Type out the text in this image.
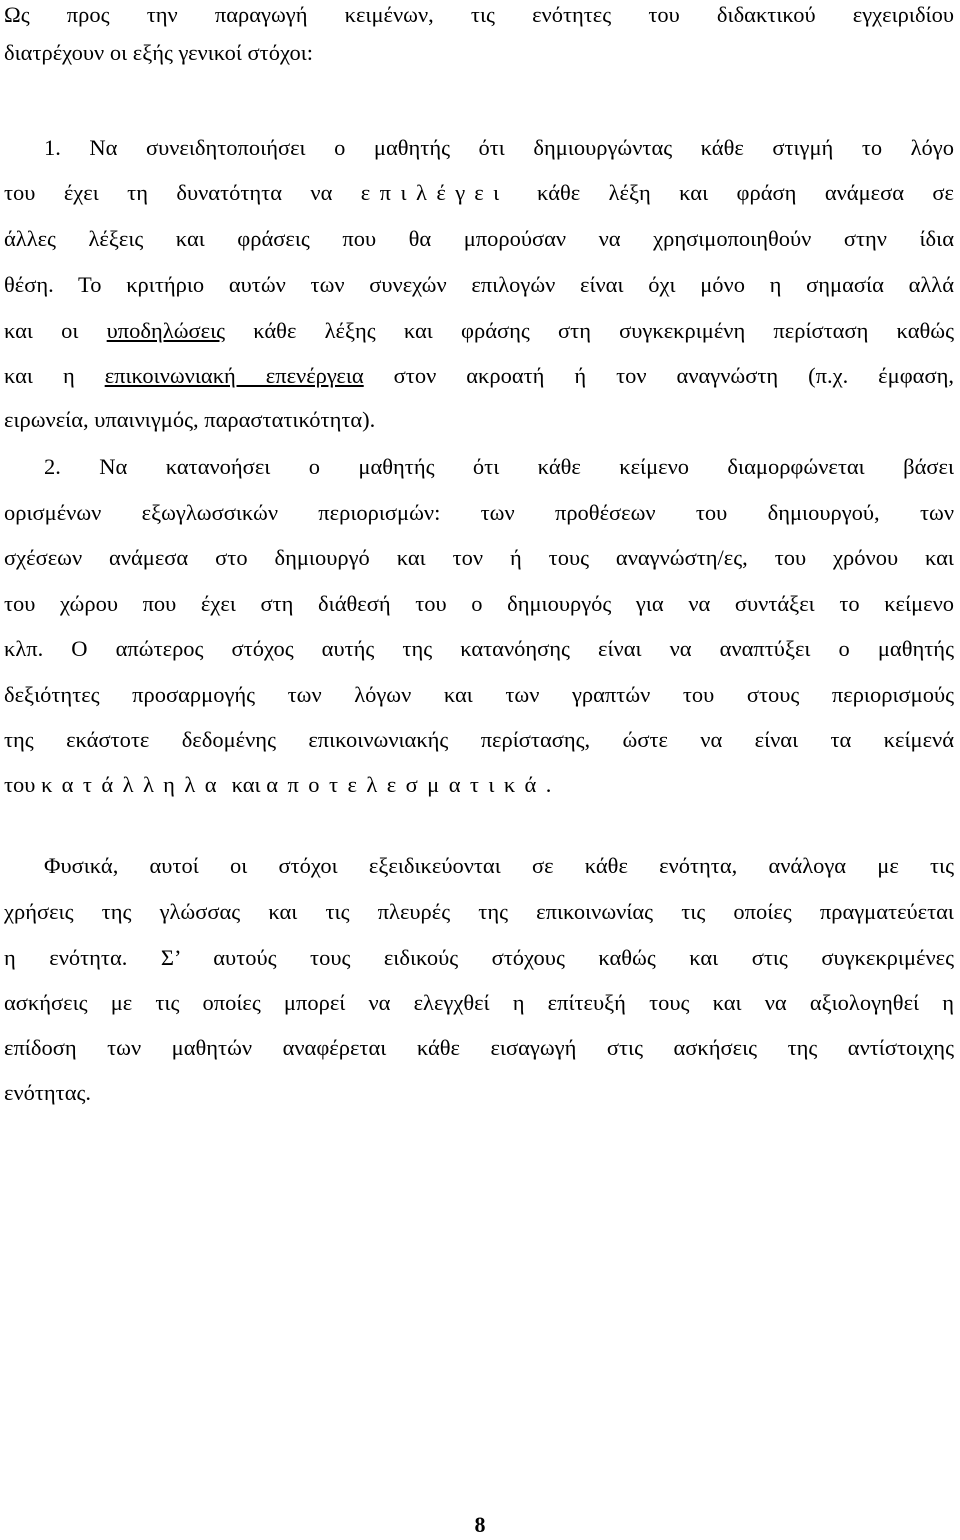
Ως προς την παραγωγή κειμένων, τις ενότητες του διδακτικού εγχειριδίου
διατρέχουν οι εξής γενικοί στόχοι:
1. Να συνειδητοποιήσει ο μαθητής ότι δημιουργώντας κάθε στιγμή το λόγο
του έχει τη δυνατότητα να επιλέγει κάθε λέξη και φράση ανάμεσα σε
άλλες λέξεις και φράσεις που θα μπορούσαν να χρησιμοποιηθούν στην ίδια
θέση. Το κριτήριο αυτών των συνεχών επιλογών είναι όχι μόνο η σημασία αλλά
και οι υποδηλώσεις κάθε λέξης και φράσης στη συγκεκριμένη περίσταση καθώς
και η επικοινωνιακή επενέργεια στον ακροατή ή τον αναγνώστη (π.χ. έμφαση,
ειρωνεία, υπαινιγμός, παραστατικότητα).
2. Να κατανοήσει ο μαθητής ότι κάθε κείμενο διαμορφώνεται βάσει
ορισμένων εξωγλωσσικών περιορισμών: των προθέσεων του δημιουργού, των
σχέσεων ανάμεσα στο δημιουργό και τον ή τους αναγνώστη/ες, του χρόνου και
του χώρου που έχει στη διάθεσή του ο δημιουργός για να συντάξει το κείμενο
κλπ. Ο απώτερος στόχος αυτής της κατανόησης είναι να αναπτύξει ο μαθητής
δεξιότητες προσαρμογής των λόγων και των γραπτών του στους περιορισμούς
της εκάστοτε δεδομένης επικοινωνιακής περίστασης, ώστε να είναι τα κείμενά
του κατάλληλα και αποτελεσματικά.
Φυσικά, αυτοί οι στόχοι εξειδικεύονται σε κάθε ενότητα, ανάλογα με τις
χρήσεις της γλώσσας και τις πλευρές της επικοινωνίας τις οποίες πραγματεύεται
η ενότητα. Σ’ αυτούς τους ειδικούς στόχους καθώς και στις συγκεκριμένες
ασκήσεις με τις οποίες μπορεί να ελεγχθεί η επίτευξή τους και να αξιολογηθεί η
επίδοση των μαθητών αναφέρεται κάθε εισαγωγή στις ασκήσεις της αντίστοιχης
ενότητας.
8
